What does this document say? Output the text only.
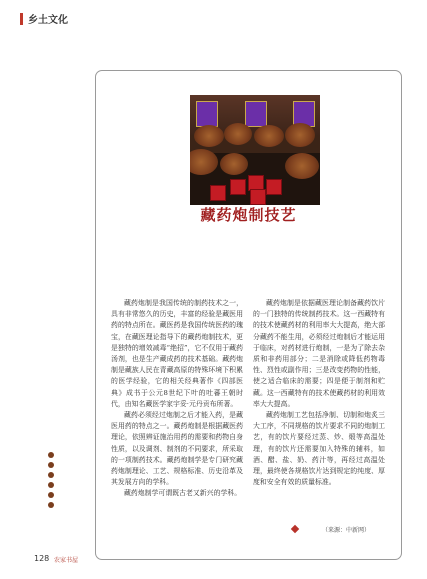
乡土文化
藏药炮制技艺

藏药炮制是我国传统的制药技术之一，具有非常悠久的历史，丰富的经验是藏医用药的特点所在。藏医药是我国传统医药的瑰宝，在藏医理论指导下的藏药炮制技术，更是独特的增效减毒“绝招”，它不仅用于藏药汤剂，也是生产藏成药的技术基础。藏药炮制是藏族人民在青藏高原的特殊环境下积累的医学经验，它的相关经典著作《四部医典》成书于公元8世纪下叶的吐蕃王朝时代，由知名藏医学家宇妥·元丹贡布所著。

藏药必须经过炮制之后才能入药，是藏医用药的特点之一。藏药炮制是根据藏医药理论，依照辨证施治用药的需要和药物自身性质，以及调剂、制剂的不同要求，所采取的一项制药技术。藏药炮制学是专门研究藏药炮制理论、工艺、规格标准、历史沿革及其发展方向的学科。

藏药炮制学可谓既古老又新兴的学科。

藏药炮制是依据藏医理论制备藏药饮片的一门独特的传统制药技术。这一西藏特有的技术使藏药材的利用率大大提高，绝大部分藏药不能生用，必须经过炮制后才能运用于临床，对药材进行炮制，一是为了除去杂质和非药用部分；二是消除或降低药物毒性、烈性或副作用；三是改变药物的性能，使之适合临床的需要；四是便于制剂和贮藏。这一西藏特有的技术使藏药材的利用效率大大提高。

藏药炮制工艺包括净制、切制和炮炙三大工序，不同规格的饮片要求不同的炮制工艺，有的饮片要经过蒸、炒、煅等高温处理，有的饮片还需要加入特殊的辅料，如酒、醋、盐、奶、药汁等，再经过高温处理，最终使各规格饮片达到规定的纯度、厚度和安全有效的质量标准。

（来源：中新网）
128 农家书屋
